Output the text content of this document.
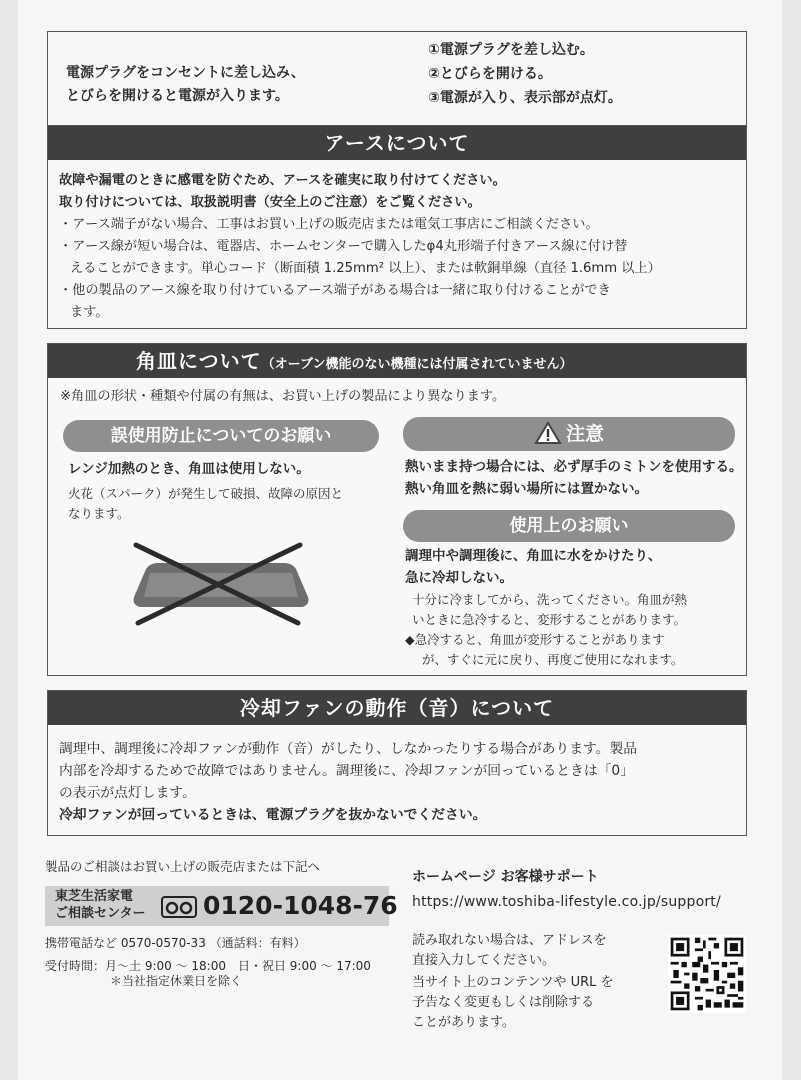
電源プラグをコンセントに差し込み、
とびらを開けると電源が入ります。
①電源プラグを差し込む。
②とびらを開ける。
③電源が入り、表示部が点灯。
アースについて
故障や漏電のときに感電を防ぐため、アースを確実に取り付けてください。
取り付けについては、取扱説明書（安全上のご注意）をご覧ください。
・アース端子がない場合、工事はお買い上げの販売店または電気工事店にご相談ください。
・アース線が短い場合は、電器店、ホームセンターで購入したφ4丸形端子付きアース線に付け替
えることができます。単心コード（断面積 1.25mm² 以上）、または軟銅単線（直径 1.6mm 以上）
・他の製品のアース線を取り付けているアース端子がある場合は一緒に取り付けることができ
ます。
角皿について（オーブン機能のない機種には付属されていません）
※角皿の形状・種類や付属の有無は、お買い上げの製品により異なります。
誤使用防止についてのお願い
レンジ加熱のとき、角皿は使用しない。
火花（スパーク）が発生して破損、故障の原因と
なります。
注意
熱いまま持つ場合には、必ず厚手のミトンを使用する。
熱い角皿を熱に弱い場所には置かない。
使用上のお願い
調理中や調理後に、角皿に水をかけたり、
急に冷却しない。
十分に冷ましてから、洗ってください。角皿が熱
いときに急冷すると、変形することがあります。
◆急冷すると、角皿が変形することがあります
が、すぐに元に戻り、再度ご使用になれます。
冷却ファンの動作（音）について
調理中、調理後に冷却ファンが動作（音）がしたり、しなかったりする場合があります。製品
内部を冷却するためで故障ではありません。調理後に、冷却ファンが回っているときは「0」
の表示が点灯します。
冷却ファンが回っているときは、電源プラグを抜かないでください。
製品のご相談はお買い上げの販売店または下記へ
東芝生活家電
ご相談センター 0120-1048-76
携帯電話など 0570-0570-33 （通話料：有料）
受付時間：月～土 9:00 ～ 18:00　日・祝日 9:00 ～ 17:00
＊当社指定休業日を除く
ホームページ お客様サポート
https://www.toshiba-lifestyle.co.jp/support/
読み取れない場合は、アドレスを
直接入力してください。
当サイト上のコンテンツや URL を
予告なく変更もしくは削除する
ことがあります。
